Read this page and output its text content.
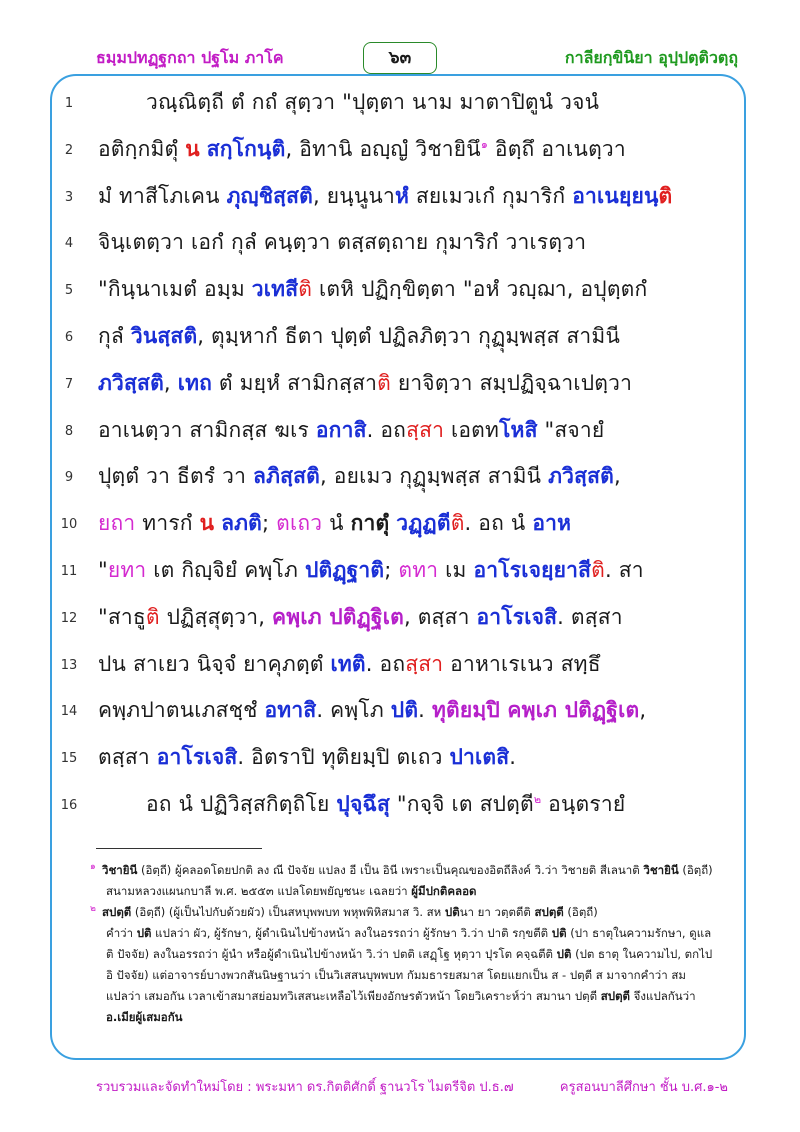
ธมฺมปทฏฺฐกถา ปฐโม ภาโค	๖๓	กาลียกฺขินิยา อุปฺปตฺติวตฺถุ
1	วณฺณิตฺถี ตํ กถํ สุตฺวา "ปุตฺตา นาม มาตาปิตูนํ วจนํ
2	อติกฺกมิตุํ น สกฺโกนฺติ, อิทานิ อญฺญํ วิชายินึ$^๑$ อิตฺถึ อาเนตฺวา
3	มํ ทาสีโภเคน ภุญฺชิสฺสติ, ยนฺนูนาหํ สยเมวเกํ กุมาริกํ อาเนยฺยนฺติ
4	จินฺเตตฺวา เอกํ กุลํ คนฺตฺวา ตสฺสตฺถาย กุมาริกํ วาเรตฺวา
5	"กินฺนาเมตํ อมฺม วเทสีติ เตหิ ปฏิกฺขิตฺตา "อหํ วญฺฌา, อปุตฺตกํ
6	กุลํ วินสฺสติ, ตุมฺหากํ ธีตา ปุตฺตํ ปฏิลภิตฺวา กุฏุมฺพสฺส สามินี
7	ภวิสฺสติ, เทถ ตํ มยฺหํ สามิกสฺสาติ ยาจิตฺวา สมฺปฏิจฺฉาเปตฺวา
8	อาเนตฺวา สามิกสฺส ฆเร อกาสิ. อถสฺสา เอตทโหสิ "สจายํ
9	ปุตฺตํ วา ธีตรํ วา ลภิสฺสติ, อยเมว กุฏุมฺพสฺส สามินี ภวิสฺสติ,
10 ยถา ทารกํ น ลภติ; ตเถว นํ กาตุํ วฏฺฏตีติ. อถ นํ อาห
11 "ยทา เต กิญฺจิยํ คพฺโภ ปติฏฺฐาติ; ตทา เม อาโรเจยฺยาสีติ. สา
12 "สาธูติ ปฏิสฺสุตฺวา, คพฺเภ ปติฏฺฐิเต, ตสฺสา อาโรเจสิ. ตสฺสา
13 ปน สาเยว นิจฺจํ ยาคุภตฺตํ เทติ. อถสฺสา อาหาเรเนว สทฺธึ
14 คพฺภปาตนเภสชฺชํ อทาสิ. คพฺโภ ปติ. ทุติยมฺปิ คพฺเภ ปติฏฺฐิเต,
15 ตสฺสา อาโรเจสิ. อิตราปิ ทุติยมฺปิ ตเถว ปาเตสิ.
16	อถ นํ ปฏิวิสฺสกิตฺถิโย ปุจฺฉึสุ "กจฺจิ เต สปตฺตี$^๒$ อนฺตรายํ
๑ วิชายินี (อิตฺถี) ผู้คลอดโดยปกติ ลง ณี ปัจจัย แปลง อี เป็น อินี เพราะเป็นคุณของอิตถีลิงค์ วิ.ว่า วิชายติ สีเลนาติ วิชายินี (อิตฺถี)

สนามหลวงแผนกบาลี พ.ศ. ๒๕๕๓ แปลโดยพยัญชนะ เฉลยว่า ผู้มีปกติคลอด

๒ สปตฺตี (อิตฺถี) (ผู้เป็นไปกับด้วยผัว) เป็นสหบุพพบท พหุพพิหิสมาส วิ. สห ปตินา ยา วตฺตตีติ สปตฺตี (อิตฺถี)

คำว่า ปติ แปลว่า ผัว, ผู้รักษา, ผู้ดำเนินไปข้างหน้า ลงในอรรถว่า ผู้รักษา วิ.ว่า ปาติ รกฺขตีติ ปติ (ปา ธาตุในความรักษา, ดูแล

ติ ปัจจัย) ลงในอรรถว่า ผู้นำ หรือผู้ดำเนินไปข้างหน้า วิ.ว่า ปตติ เสฏฺโฐ หุตฺวา ปุรโต คจฺฉตีติ ปติ (ปต ธาตุ ในความไป, ตกไป

อิ ปัจจัย) แต่อาจารย์บางพวกสันนิษฐานว่า เป็นวิเสสนบุพพบท กัมมธารยสมาส โดยแยกเป็น ส - ปตฺตี ส มาจากคำว่า สม

แปลว่า เสมอกัน เวลาเข้าสมาสย่อมทวิเสสนะเหลือไว้เพียงอักษรตัวหน้า โดยวิเคราะห์ว่า สมานา ปตฺตี สปตฺตี จึงแปลกันว่า

อ.เมียผู้เสมอกัน

รวบรวมและจัดทำใหม่โดย : พระมหา ดร.กิตติศักดิ์ ฐานวโร ไมตรีจิต ป.ธ.๗	ครูสอนบาลีศึกษา ชั้น บ.ศ.๑-๒
